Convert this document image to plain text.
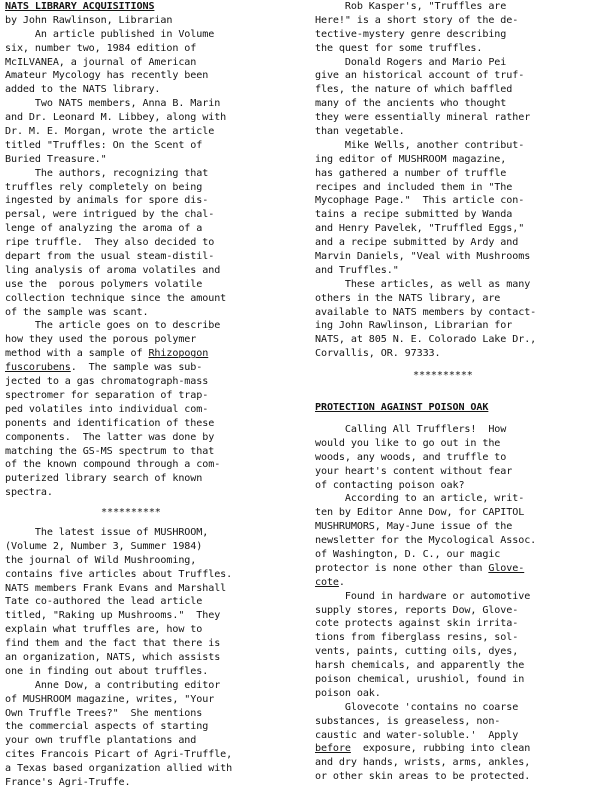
NATS LIBRARY ACQUISITIONS
by John Rawlinson, Librarian
An article published in Volume
six, number two, 1984 edition of
McILVANEA, a journal of American
Amateur Mycology has recently been
added to the NATS library.
Two NATS members, Anna B. Marin
and Dr. Leonard M. Libbey, along with
Dr. M. E. Morgan, wrote the article
titled "Truffles: On the Scent of
Buried Treasure."
The authors, recognizing that
truffles rely completely on being
ingested by animals for spore dis-
persal, were intrigued by the chal-
lenge of analyzing the aroma of a
ripe truffle.  They also decided to
depart from the usual steam-distil-
ling analysis of aroma volatiles and
use the  porous polymers volatile
collection technique since the amount
of the sample was scant.
The article goes on to describe
how they used the porous polymer
method with a sample of Rhizopogon
fuscorubens.  The sample was sub-
jected to a gas chromatograph-mass
spectromer for separation of trap-
ped volatiles into individual com-
ponents and identification of these
components.  The latter was done by
matching the GS-MS spectrum to that
of the known compound through a com-
puterized library search of known
spectra.
**********
The latest issue of MUSHROOM,
(Volume 2, Number 3, Summer 1984)
the journal of Wild Mushrooming,
contains five articles about Truffles.
NATS members Frank Evans and Marshall
Tate co-authored the lead article
titled, "Raking up Mushrooms."  They
explain what truffles are, how to
find them and the fact that there is
an organization, NATS, which assists
one in finding out about truffles.
Anne Dow, a contributing editor
of MUSHROOM magazine, writes, "Your
Own Truffle Trees?"  She mentions
the commercial aspects of starting
your own truffle plantations and
cites Francois Picart of Agri-Truffle,
a Texas based organization allied with
France's Agri-Truffe.
Rob Kasper's, "Truffles are
Here!" is a short story of the de-
tective-mystery genre describing
the quest for some truffles.
Donald Rogers and Mario Pei
give an historical account of truf-
fles, the nature of which baffled
many of the ancients who thought
they were essentially mineral rather
than vegetable.
Mike Wells, another contribut-
ing editor of MUSHROOM magazine,
has gathered a number of truffle
recipes and included them in "The
Mycophage Page."  This article con-
tains a recipe submitted by Wanda
and Henry Pavelek, "Truffled Eggs,"
and a recipe submitted by Ardy and
Marvin Daniels, "Veal with Mushrooms
and Truffles."
These articles, as well as many
others in the NATS library, are
available to NATS members by contact-
ing John Rawlinson, Librarian for
NATS, at 805 N. E. Colorado Lake Dr.,
Corvallis, OR. 97333.
**********
PROTECTION AGAINST POISON OAK
Calling All Trufflers!  How
would you like to go out in the
woods, any woods, and truffle to
your heart's content without fear
of contacting poison oak?
According to an article, writ-
ten by Editor Anne Dow, for CAPITOL
MUSHRUMORS, May-June issue of the
newsletter for the Mycological Assoc.
of Washington, D. C., our magic
protector is none other than Glove-
cote.
Found in hardware or automotive
supply stores, reports Dow, Glove-
cote protects against skin irrita-
tions from fiberglass resins, sol-
vents, paints, cutting oils, dyes,
harsh chemicals, and apparently the
poison chemical, urushiol, found in
poison oak.
Glovecote 'contains no coarse
substances, is greaseless, non-
caustic and water-soluble.'  Apply
before  exposure, rubbing into clean
and dry hands, wrists, arms, ankles,
or other skin areas to be protected.
